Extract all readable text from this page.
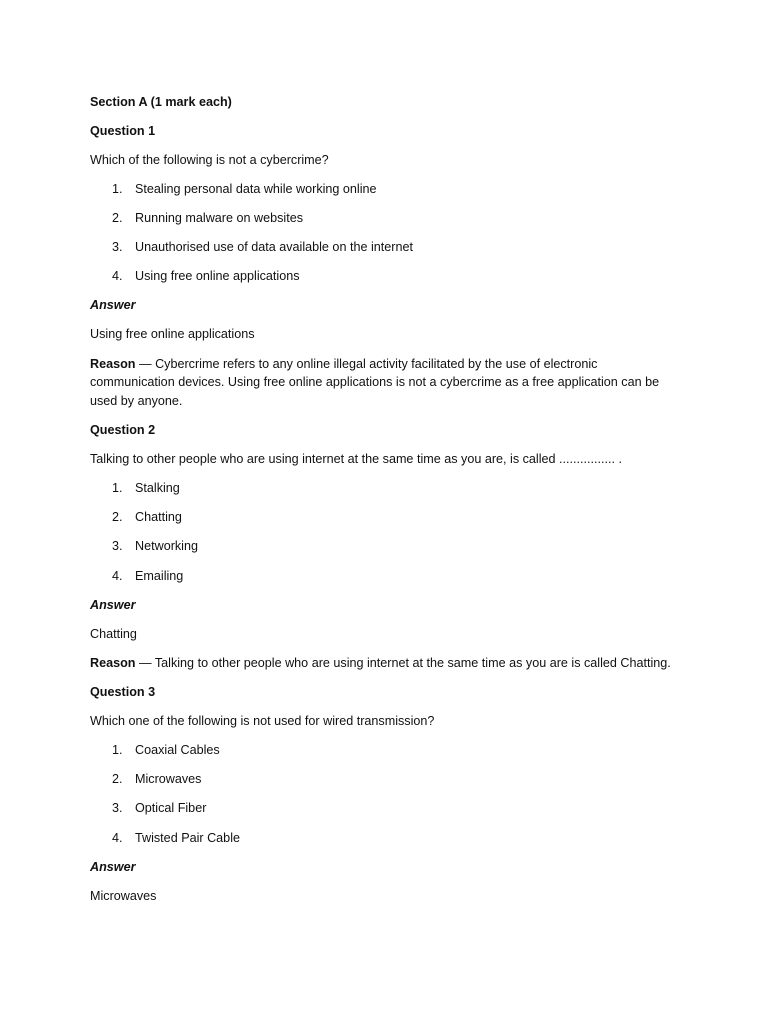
Section A (1 mark each)
Question 1
Which of the following is not a cybercrime?
1. Stealing personal data while working online
2. Running malware on websites
3. Unauthorised use of data available on the internet
4. Using free online applications
Answer
Using free online applications
Reason — Cybercrime refers to any online illegal activity facilitated by the use of electronic
communication devices. Using free online applications is not a cybercrime as a free application can be
used by anyone.
Question 2
Talking to other people who are using internet at the same time as you are, is called ................ .
1. Stalking
2. Chatting
3. Networking
4. Emailing
Answer
Chatting
Reason — Talking to other people who are using internet at the same time as you are is called Chatting.
Question 3
Which one of the following is not used for wired transmission?
1. Coaxial Cables
2. Microwaves
3. Optical Fiber
4. Twisted Pair Cable
Answer
Microwaves
